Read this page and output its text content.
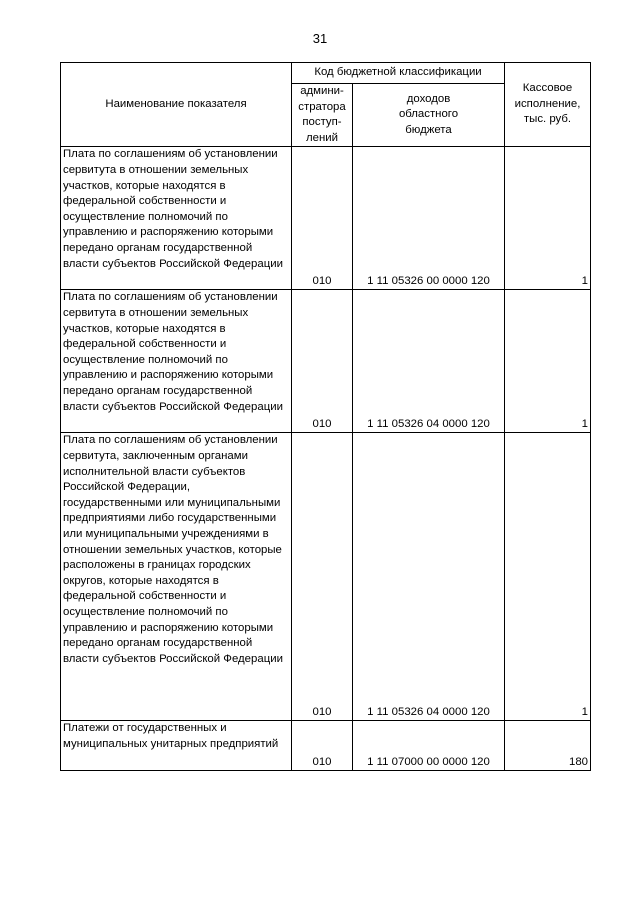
31
Наименование показателя	Код бюджетной классификации		Кассовое
исполнение,
тыс. руб.
	админи-
стратора
поступ-
лений	доходов
областного
бюджета	
Плата по соглашениям об установлении сервитута в отношении земельных участков, которые находятся в федеральной собственности и осуществление полномочий по управлению и распоряжению которыми передано органам государственной власти субъектов Российской Федерации	010	1 11 05326 00 0000 120	1
Плата по соглашениям об установлении сервитута в отношении земельных участков, которые находятся в федеральной собственности и осуществление полномочий по управлению и распоряжению которыми передано органам государственной власти субъектов Российской Федерации	010	1 11 05326 04 0000 120	1
Плата по соглашениям об установлении сервитута, заключенным органами исполнительной власти субъектов Российской Федерации, государственными или муниципальными предприятиями либо государственными или муниципальными учреждениями в отношении земельных участков, которые расположены в границах городских округов, которые находятся в федеральной собственности и осуществление полномочий по управлению и распоряжению которыми передано органам государственной власти субъектов Российской Федерации	010	1 11 05326 04 0000 120	1
Платежи от государственных и муниципальных унитарных предприятий	010	1 11 07000 00 0000 120	180
